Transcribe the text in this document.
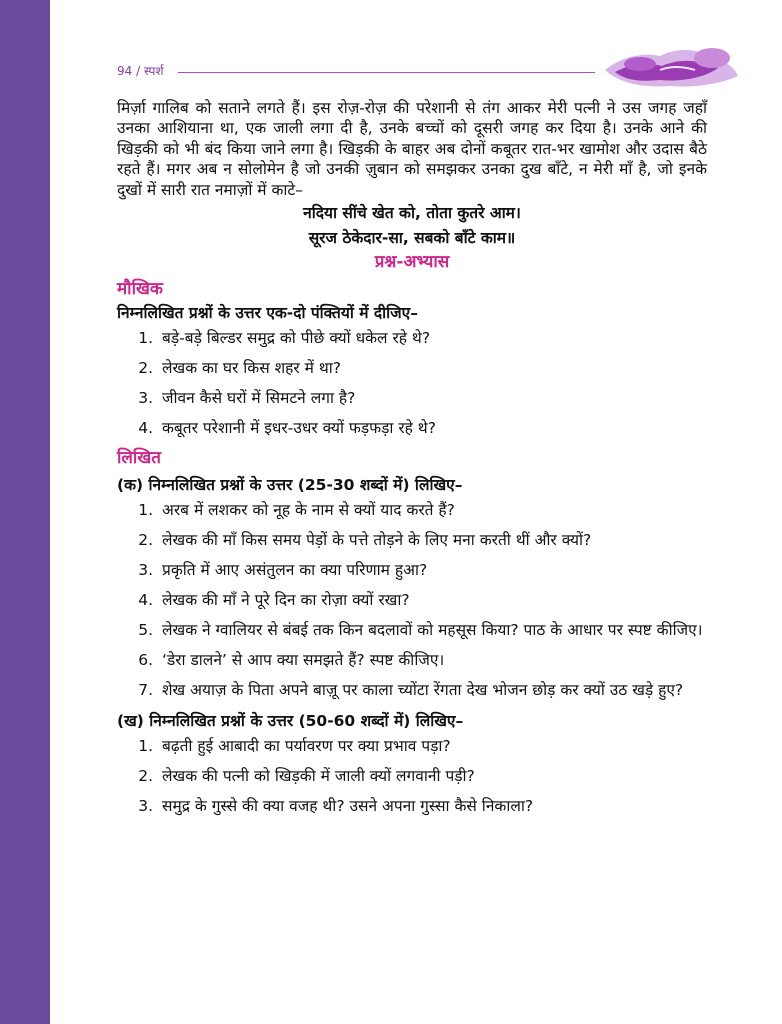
94 / स्पर्श

मिर्ज़ा गालिब को सताने लगते हैं। इस रोज़-रोज़ की परेशानी से तंग आकर मेरी पत्नी ने उस जगह जहाँ उनका आशियाना था, एक जाली लगा दी है, उनके बच्चों को दूसरी जगह कर दिया है। उनके आने की खिड़की को भी बंद किया जाने लगा है। खिड़की के बाहर अब दोनों कबूतर रात-भर खामोश और उदास बैठे रहते हैं। मगर अब न सोलोमेन है जो उनकी ज़ुबान को समझकर उनका दुख बाँटे, न मेरी माँ है, जो इनके दुखों में सारी रात नमाज़ों में काटे–

नदिया सींचे खेत को, तोता कुतरे आम।
सूरज ठेकेदार-सा, सबको बाँटे काम॥
प्रश्न-अभ्यास
मौखिक
निम्नलिखित प्रश्नों के उत्तर एक-दो पंक्तियों में दीजिए–
1. बड़े-बड़े बिल्डर समुद्र को पीछे क्यों धकेल रहे थे?
2. लेखक का घर किस शहर में था?
3. जीवन कैसे घरों में सिमटने लगा है?
4. कबूतर परेशानी में इधर-उधर क्यों फड़फड़ा रहे थे?
लिखित
(क) निम्नलिखित प्रश्नों के उत्तर (25-30 शब्दों में) लिखिए–
1. अरब में लशकर को नूह के नाम से क्यों याद करते हैं?
2. लेखक की माँ किस समय पेड़ों के पत्ते तोड़ने के लिए मना करती थीं और क्यों?
3. प्रकृति में आए असंतुलन का क्या परिणाम हुआ?
4. लेखक की माँ ने पूरे दिन का रोज़ा क्यों रखा?
5. लेखक ने ग्वालियर से बंबई तक किन बदलावों को महसूस किया? पाठ के आधार पर स्पष्ट कीजिए।
6. ‘डेरा डालने’ से आप क्या समझते हैं? स्पष्ट कीजिए।
7. शेख अयाज़ के पिता अपने बाज़ू पर काला च्योंटा रेंगता देख भोजन छोड़ कर क्यों उठ खड़े हुए?
(ख) निम्नलिखित प्रश्नों के उत्तर (50-60 शब्दों में) लिखिए–
1. बढ़ती हुई आबादी का पर्यावरण पर क्या प्रभाव पड़ा?
2. लेखक की पत्नी को खिड़की में जाली क्यों लगवानी पड़ी?
3. समुद्र के गुस्से की क्या वजह थी? उसने अपना गुस्सा कैसे निकाला?
